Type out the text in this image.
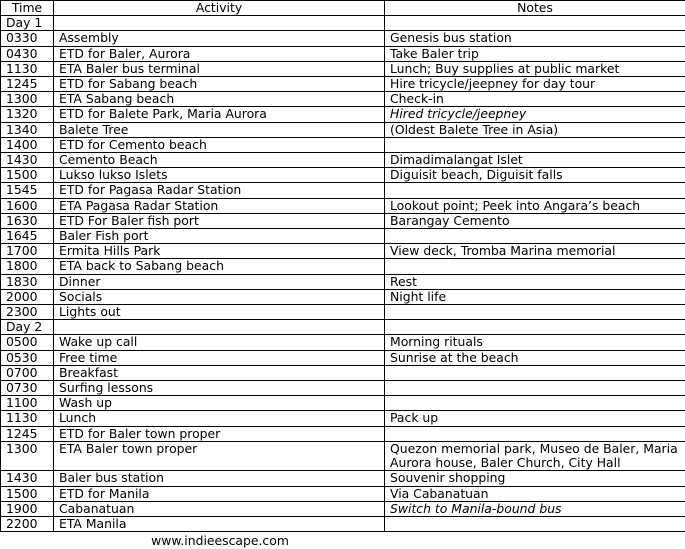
Time	Activity	Notes
Day 1		
0330	Assembly	Genesis bus station
0430	ETD for Baler, Aurora	Take Baler trip
1130	ETA Baler bus terminal	Lunch; Buy supplies at public market
1245	ETD for Sabang beach	Hire tricycle/jeepney for day tour
1300	ETA Sabang beach	Check-in
1320	ETD for Balete Park, Maria Aurora	Hired tricycle/jeepney
1340	Balete Tree	(Oldest Balete Tree in Asia)
1400	ETD for Cemento beach	
1430	Cemento Beach	Dimadimalangat Islet
1500	Lukso lukso Islets	Diguisit beach, Diguisit falls
1545	ETD for Pagasa Radar Station	
1600	ETA Pagasa Radar Station	Lookout point; Peek into Angara’s beach
1630	ETD For Baler fish port	Barangay Cemento
1645	Baler Fish port	
1700	Ermita Hills Park	View deck, Tromba Marina memorial
1800	ETA back to Sabang beach	
1830	Dinner	Rest
2000	Socials	Night life
2300	Lights out	
Day 2		
0500	Wake up call	Morning rituals
0530	Free time	Sunrise at the beach
0700	Breakfast	
0730	Surfing lessons	
1100	Wash up	
1130	Lunch	Pack up
1245	ETD for Baler town proper	
1300	ETA Baler town proper	Quezon memorial park, Museo de Baler, Maria Aurora house, Baler Church, City Hall
1430	Baler bus station	Souvenir shopping
1500	ETD for Manila	Via Cabanatuan
1900	Cabanatuan	Switch to Manila-bound bus
2200	ETA Manila	
www.indieescape.com
